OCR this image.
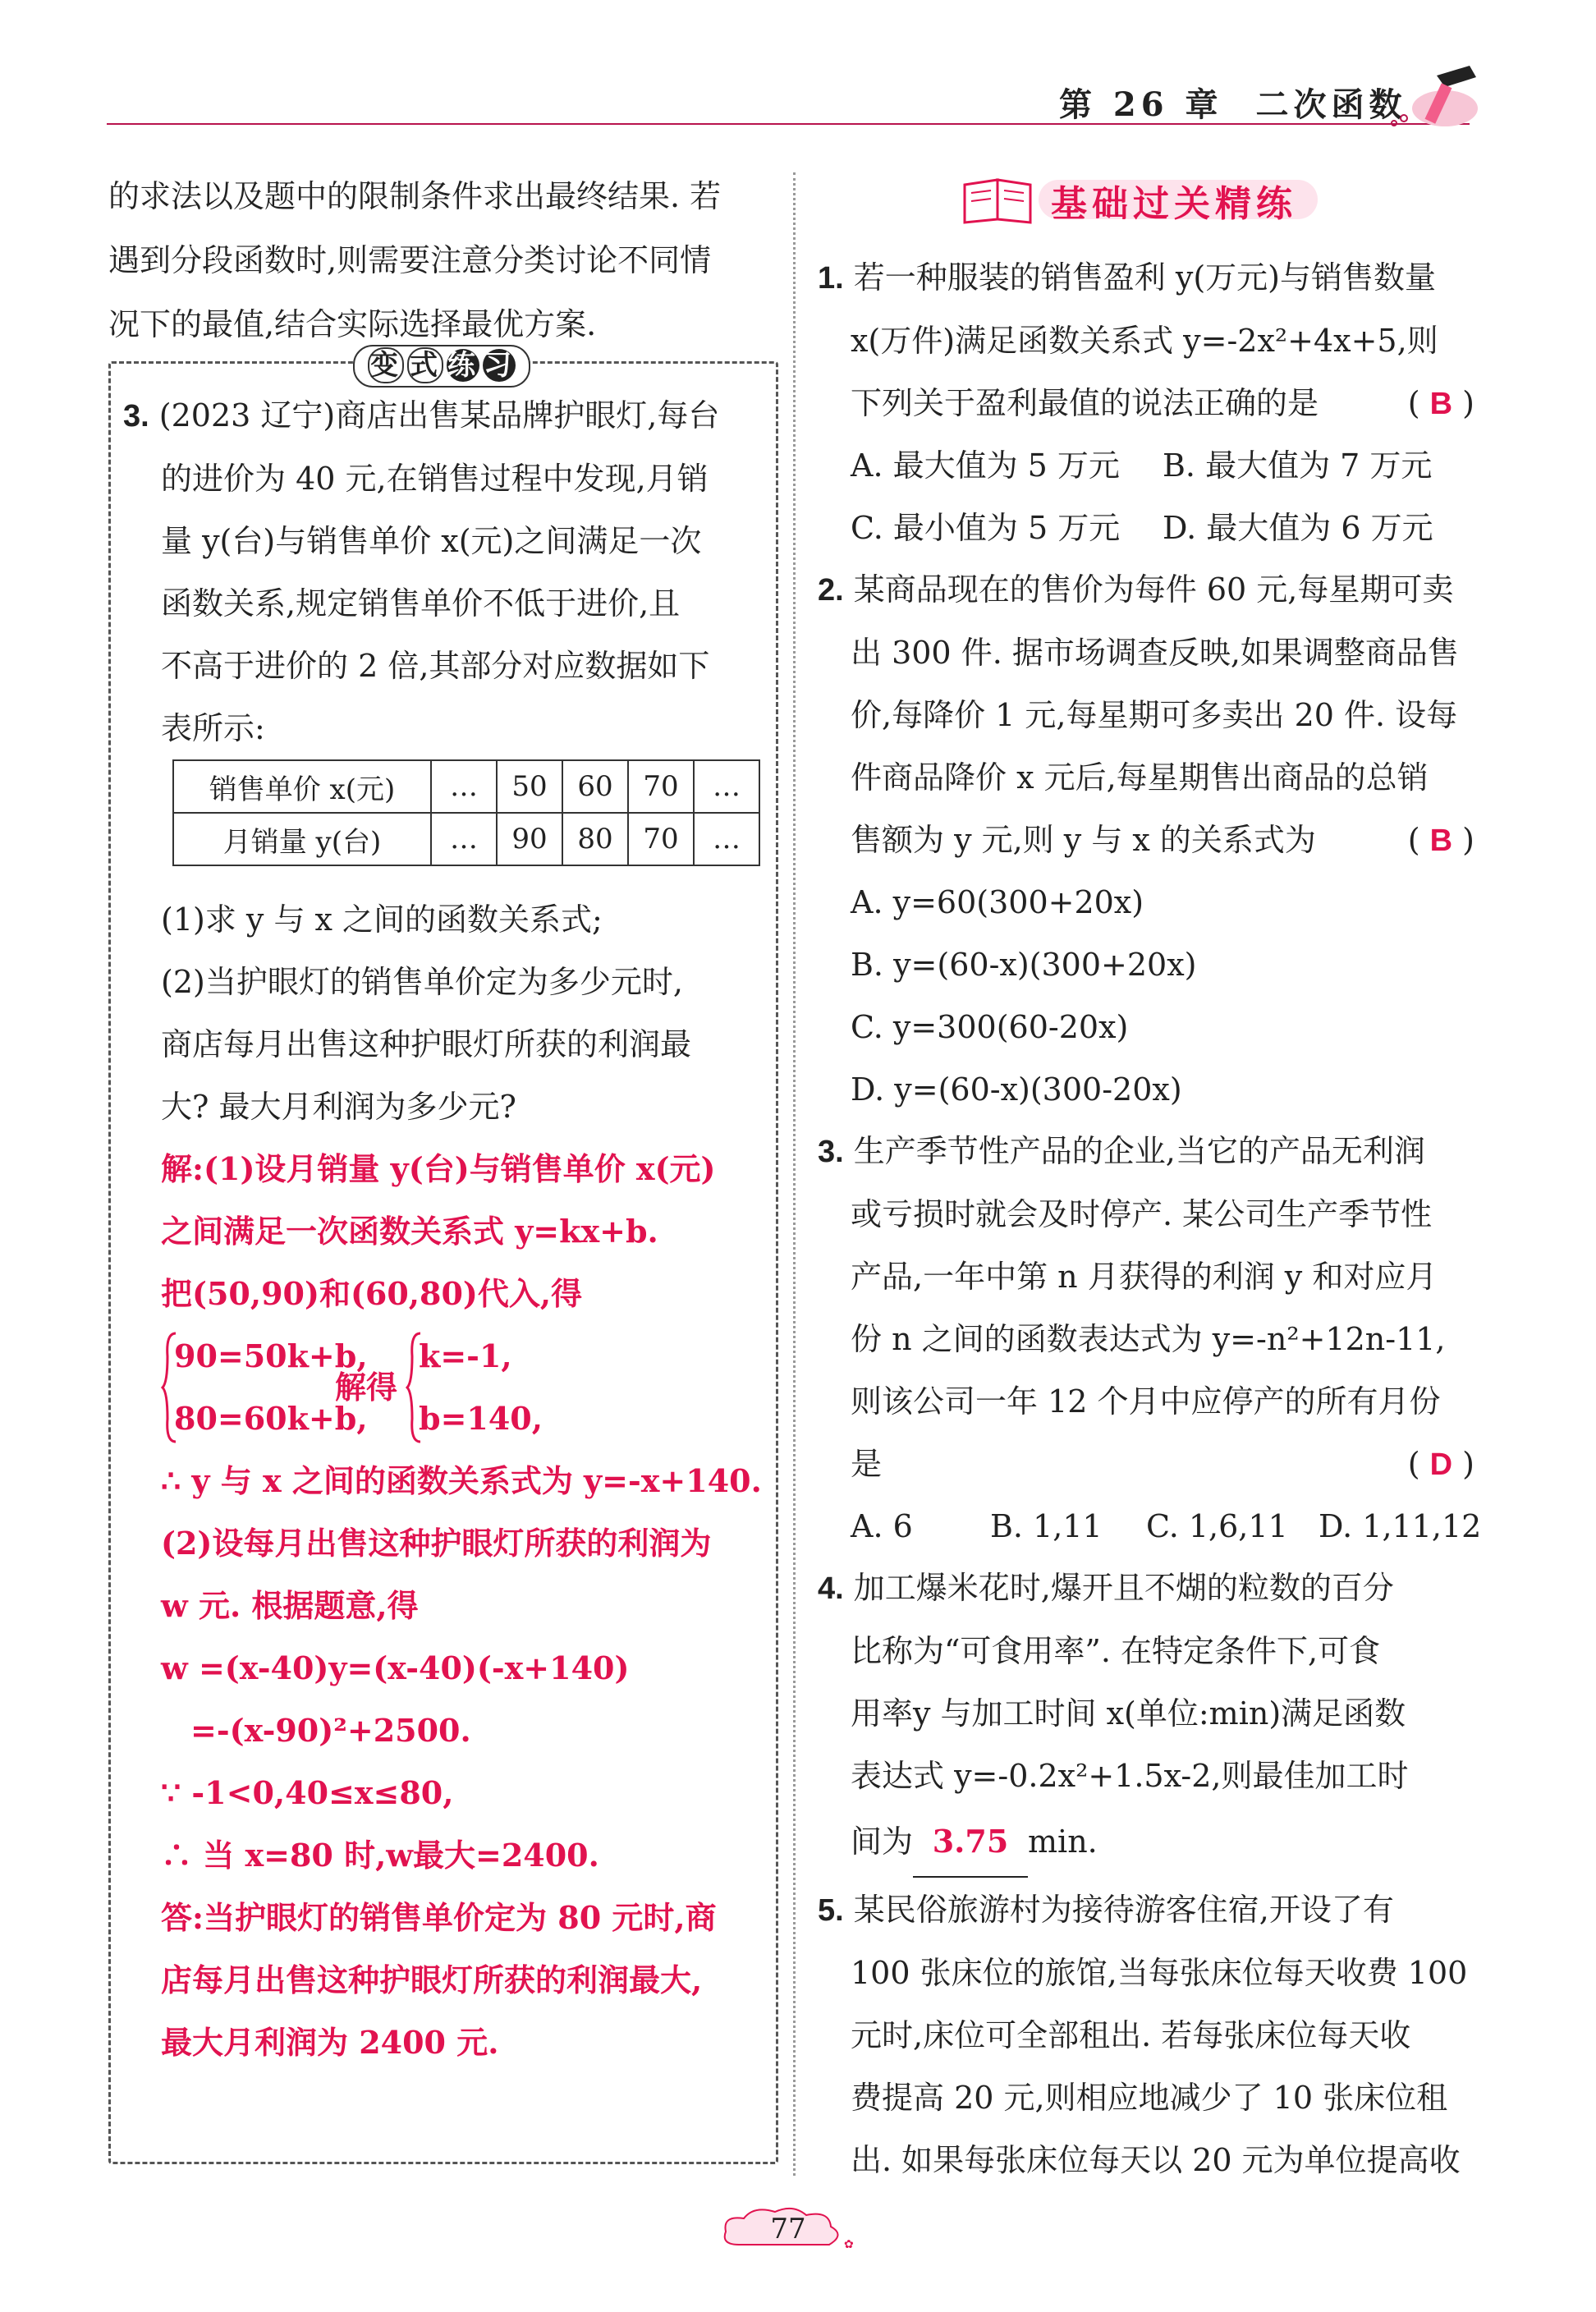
第 26 章 二次函数
的求法以及题中的限制条件求出最终结果. 若
遇到分段函数时,则需要注意分类讨论不同情
况下的最值,结合实际选择最优方案.
变 式 练 习
3. (2023 辽宁)商店出售某品牌护眼灯,每台
的进价为 40 元,在销售过程中发现,月销
量 y(台)与销售单价 x(元)之间满足一次
函数关系,规定销售单价不低于进价,且
不高于进价的 2 倍,其部分对应数据如下
表所示:
销售单价 x(元)	…	50	60	70	…
月销量 y(台)	…	90	80	70	…
(1)求 y 与 x 之间的函数关系式;
(2)当护眼灯的销售单价定为多少元时,
商店每月出售这种护眼灯所获的利润最
大? 最大月利润为多少元?
解:(1)设月销量 y(台)与销售单价 x(元)
之间满足一次函数关系式 y=kx+b.
把(50,90)和(60,80)代入,得
90=50k+b,
80=60k+b,
解得
k=-1,
b=140,
∴ y 与 x 之间的函数关系式为 y=-x+140.
(2)设每月出售这种护眼灯所获的利润为
w 元. 根据题意,得
w =(x-40)y=(x-40)(-x+140)
=-(x-90)²+2500.
∵ -1<0,40≤x≤80,
∴ 当 x=80 时,w最大=2400.
答:当护眼灯的销售单价定为 80 元时,商
店每月出售这种护眼灯所获的利润最大,
最大月利润为 2400 元.
基础过关精练
1. 若一种服装的销售盈利 y(万元)与销售数量
x(万件)满足函数关系式 y=-2x²+4x+5,则
下列关于盈利最值的说法正确的是	( B )
A. 最大值为 5 万元 B. 最大值为 7 万元
C. 最小值为 5 万元 D. 最大值为 6 万元
2. 某商品现在的售价为每件 60 元,每星期可卖
出 300 件. 据市场调查反映,如果调整商品售
价,每降价 1 元,每星期可多卖出 20 件. 设每
件商品降价 x 元后,每星期售出商品的总销
售额为 y 元,则 y 与 x 的关系式为	( B )
A. y=60(300+20x)
B. y=(60-x)(300+20x)
C. y=300(60-20x)
D. y=(60-x)(300-20x)
3. 生产季节性产品的企业,当它的产品无利润
或亏损时就会及时停产. 某公司生产季节性
产品,一年中第 n 月获得的利润 y 和对应月
份 n 之间的函数表达式为 y=-n²+12n-11,
则该公司一年 12 个月中应停产的所有月份
是	( D )
A. 6 B. 1,11 C. 1,6,11 D. 1,11,12
4. 加工爆米花时,爆开且不煳的粒数的百分
比称为“可食用率”. 在特定条件下,可食
用率y 与加工时间 x(单位:min)满足函数
表达式 y=-0.2x²+1.5x-2,则最佳加工时
间为 3.75 min.
5. 某民俗旅游村为接待游客住宿,开设了有
100 张床位的旅馆,当每张床位每天收费 100
元时,床位可全部租出. 若每张床位每天收
费提高 20 元,则相应地减少了 10 张床位租
出. 如果每张床位每天以 20 元为单位提高收
✿
77
